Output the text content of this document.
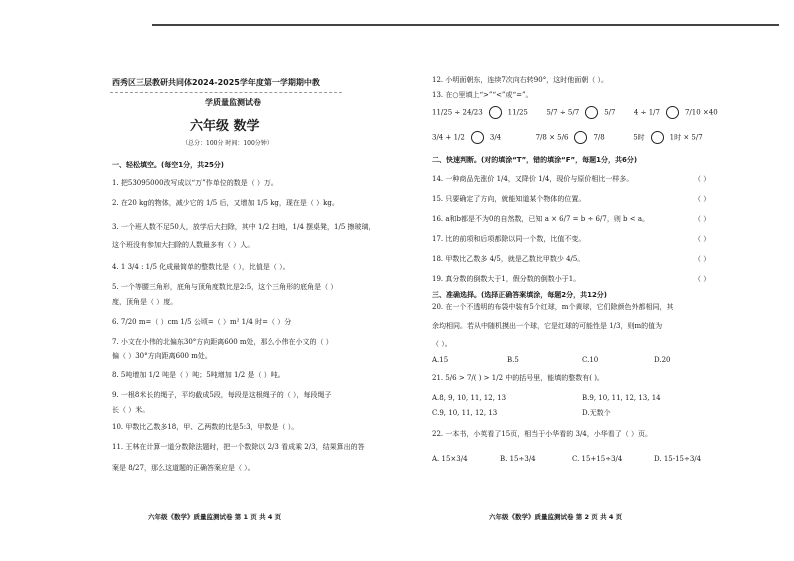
西秀区三层教研共同体2024-2025学年度第一学期期中教
学质量监测试卷
六年级 数学
（总分：100分 时间：100分钟）
一、轻松填空。(每空1分，共25分)
1. 把53095000改写成以“万”作单位的数是（ ）万。
2. 在20 kg的物体，减少它的 1/5 后，又增加 1/5 kg，现在是（ ）kg。
3. 一个班人数不足50人，放学后大扫除，其中 1/2 扫地，1/4 摆桌凳，1/5 擦玻璃，
这个班没有参加大扫除的人数最多有（ ）人。
4. 1 3/4 : 1/5 化成最简单的整数比是（ ），比值是（ ）。
5. 一个等腰三角形，底角与顶角度数比是2:5，这个三角形的底角是（ ）
度，顶角是（ ）度。
6. 7/20 m=（ ）cm 1/5 公顷=（ ）m² 1/4 时=（ ）分
7. 小文在小伟的北偏东30°方向距离600 m处，那么小伟在小文的（ ）
偏（ ）30°方向距离600 m处。
8. 5吨增加 1/2 吨是（ ）吨；5吨增加 1/2 是（ ）吨。
9. 一根8米长的绳子，平均截成5段，每段是这根绳子的（ ），每段绳子
长（ ）米。
10. 甲数比乙数多18，甲、乙两数的比是5:3，甲数是（ ）。
11. 王林在计算一道分数除法题时，把一个数除以 2/3 看成乘 2/3，结果算出的答
案是 8/27，那么这道题的正确答案应是（ ）。
六年级《数学》质量监测试卷 第 1 页 共 4 页
12. 小明面朝东，连续7次向右转90°，这时他面朝（ ）。
13. 在○里填上“>”“<”或“=”。
11/25 ÷ 24/23	11/25	5/7 ÷ 5/7	5/7	4 ÷ 1/7	7/10 ×40
3/4 + 1/2	3/4	7/8 × 5/6	7/8	5时	1时 × 5/7
二、快速判断。(对的填涂“T”，错的填涂“F”，每题1分，共6分)
14. 一种商品先涨价 1/4，又降价 1/4，现价与原价相比一样多。	（ ）
15. 只要确定了方向，就能知道某个物体的位置。	（ ）
16. a和b都是不为0的自然数，已知 a × 6/7 = b ÷ 6/7，则 b < a。	（ ）
17. 比的前项和后项都除以同一个数，比值不变。	（ ）
18. 甲数比乙数多 4/5，就是乙数比甲数少 4/5。	（ ）
19. 真分数的倒数大于1，假分数的倒数小于1。	（ ）
三、准确选择。(选择正确答案填涂，每题2分，共12分)
20. 在一个不透明的布袋中装有5个红球，m个黄球，它们除颜色外都相同，其
余均相同。若从中随机摸出一个球，它是红球的可能性是 1/3，则m的值为
（ ）。
A.15	B.5	C.10	D.20
21. 5/6 > 7/( ) > 1/2 中的括号里，能填的整数有( )。
A.8, 9, 10, 11, 12, 13	B.9, 10, 11, 12, 13, 14
C.9, 10, 11, 12, 13	D.无数个
22. 一本书，小英看了15页，相当于小华看的 3/4，小华看了（ ）页。
A. 15×3/4	B. 15÷3/4	C. 15+15÷3/4	D. 15-15÷3/4
六年级《数学》质量监测试卷 第 2 页 共 4 页
